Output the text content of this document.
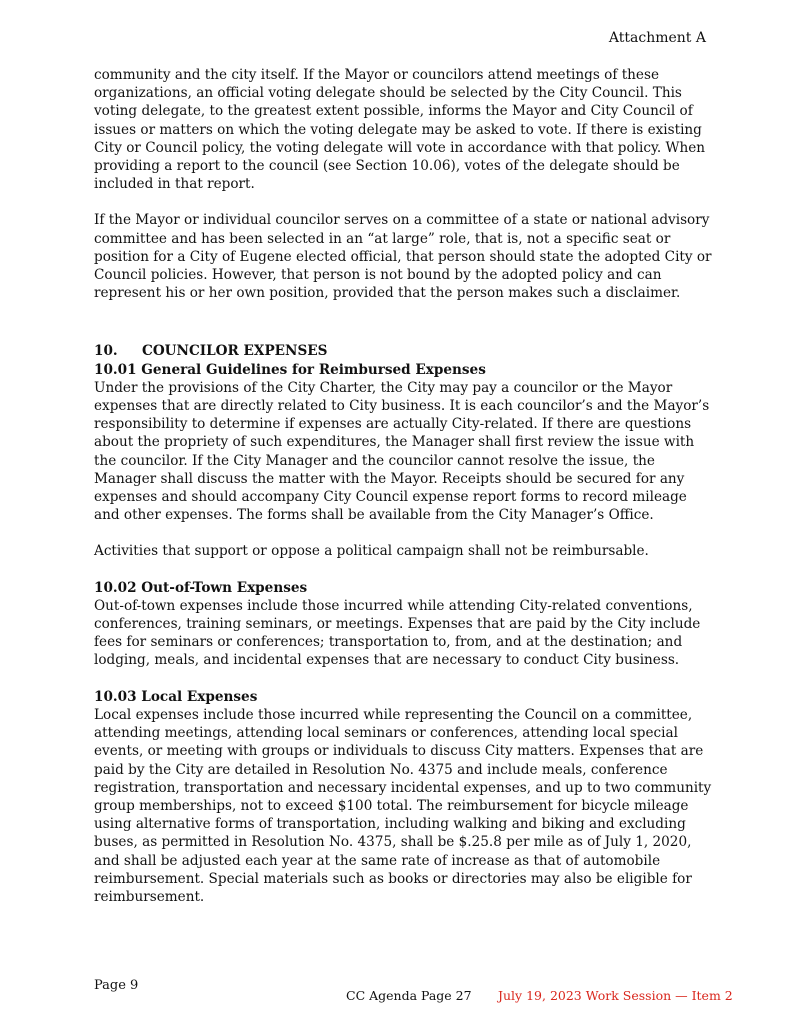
Attachment A

community and the city itself. If the Mayor or councilors attend meetings of these organizations, an official voting delegate should be selected by the City Council. This voting delegate, to the greatest extent possible, informs the Mayor and City Council of issues or matters on which the voting delegate may be asked to vote. If there is existing City or Council policy, the voting delegate will vote in accordance with that policy. When providing a report to the council (see Section 10.06), votes of the delegate should be included in that report.

If the Mayor or individual councilor serves on a committee of a state or national advisory committee and has been selected in an “at large” role, that is, not a specific seat or position for a City of Eugene elected official, that person should state the adopted City or Council policies. However, that person is not bound by the adopted policy and can represent his or her own position, provided that the person makes such a disclaimer.

10. COUNCILOR EXPENSES
10.01 General Guidelines for Reimbursed Expenses

Under the provisions of the City Charter, the City may pay a councilor or the Mayor expenses that are directly related to City business. It is each councilor’s and the Mayor’s responsibility to determine if expenses are actually City-related. If there are questions about the propriety of such expenditures, the Manager shall first review the issue with the councilor. If the City Manager and the councilor cannot resolve the issue, the Manager shall discuss the matter with the Mayor. Receipts should be secured for any expenses and should accompany City Council expense report forms to record mileage and other expenses. The forms shall be available from the City Manager’s Office.

Activities that support or oppose a political campaign shall not be reimbursable.

10.02 Out-of-Town Expenses

Out-of-town expenses include those incurred while attending City-related conventions, conferences, training seminars, or meetings. Expenses that are paid by the City include fees for seminars or conferences; transportation to, from, and at the destination; and lodging, meals, and incidental expenses that are necessary to conduct City business.

10.03 Local Expenses

Local expenses include those incurred while representing the Council on a committee, attending meetings, attending local seminars or conferences, attending local special events, or meeting with groups or individuals to discuss City matters. Expenses that are paid by the City are detailed in Resolution No. 4375 and include meals, conference registration, transportation and necessary incidental expenses, and up to two community group memberships, not to exceed $100 total. The reimbursement for bicycle mileage using alternative forms of transportation, including walking and biking and excluding buses, as permitted in Resolution No. 4375, shall be $.25.8 per mile as of July 1, 2020, and shall be adjusted each year at the same rate of increase as that of automobile reimbursement. Special materials such as books or directories may also be eligible for reimbursement.

Page 9
CC Agenda Page 27 July 19, 2023 Work Session — Item 2
